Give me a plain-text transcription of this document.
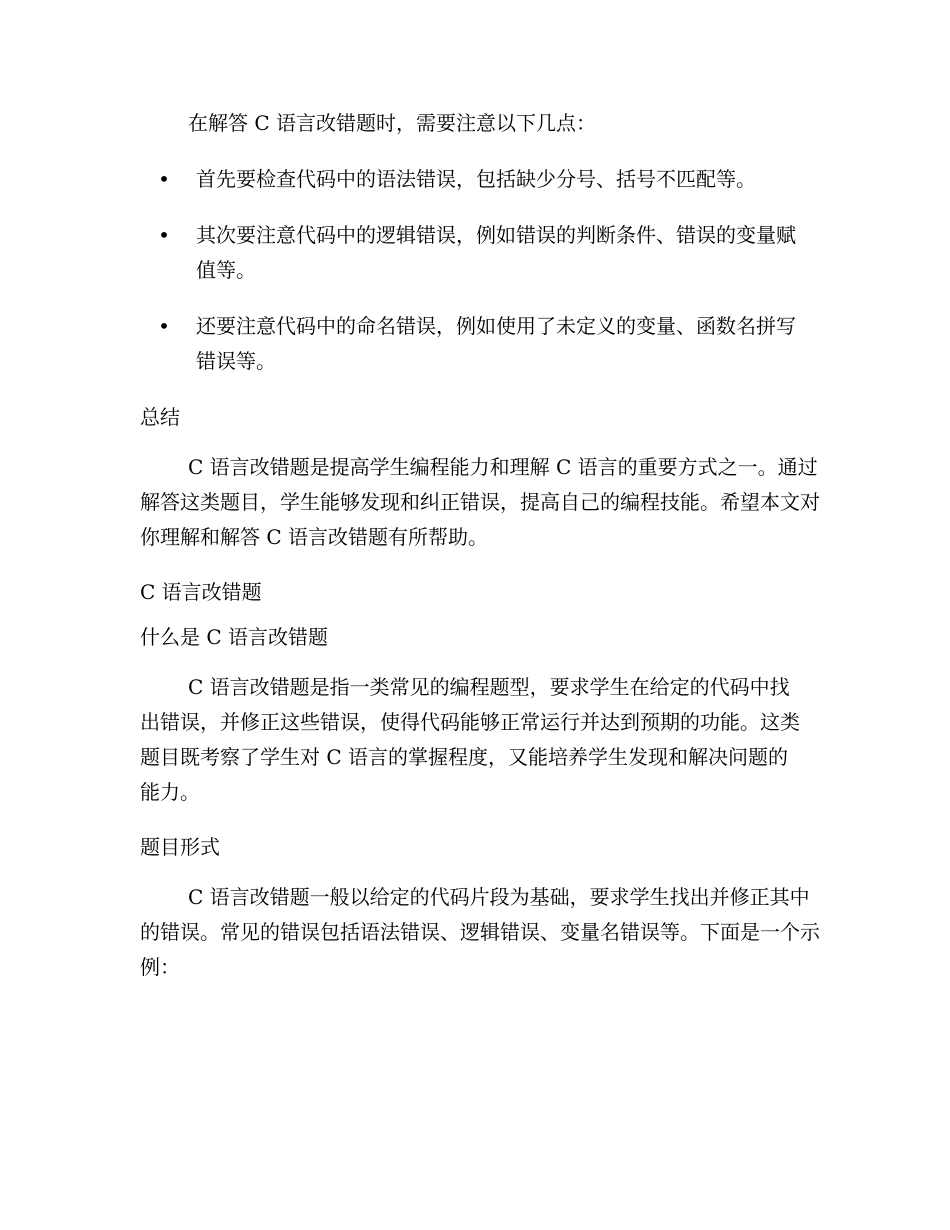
在解答 C 语言改错题时，需要注意以下几点：

• 首先要检查代码中的语法错误，包括缺少分号、括号不匹配等。
• 其次要注意代码中的逻辑错误，例如错误的判断条件、错误的变量赋值等。
• 还要注意代码中的命名错误，例如使用了未定义的变量、函数名拼写错误等。

总结

C 语言改错题是提高学生编程能力和理解 C 语言的重要方式之一。通过解答这类题目，学生能够发现和纠正错误，提高自己的编程技能。希望本文对你理解和解答 C 语言改错题有所帮助。

C 语言改错题

什么是 C 语言改错题

C 语言改错题是指一类常见的编程题型，要求学生在给定的代码中找出错误，并修正这些错误，使得代码能够正常运行并达到预期的功能。这类题目既考察了学生对 C 语言的掌握程度，又能培养学生发现和解决问题的能力。

题目形式

C 语言改错题一般以给定的代码片段为基础，要求学生找出并修正其中的错误。常见的错误包括语法错误、逻辑错误、变量名错误等。下面是一个示例：
